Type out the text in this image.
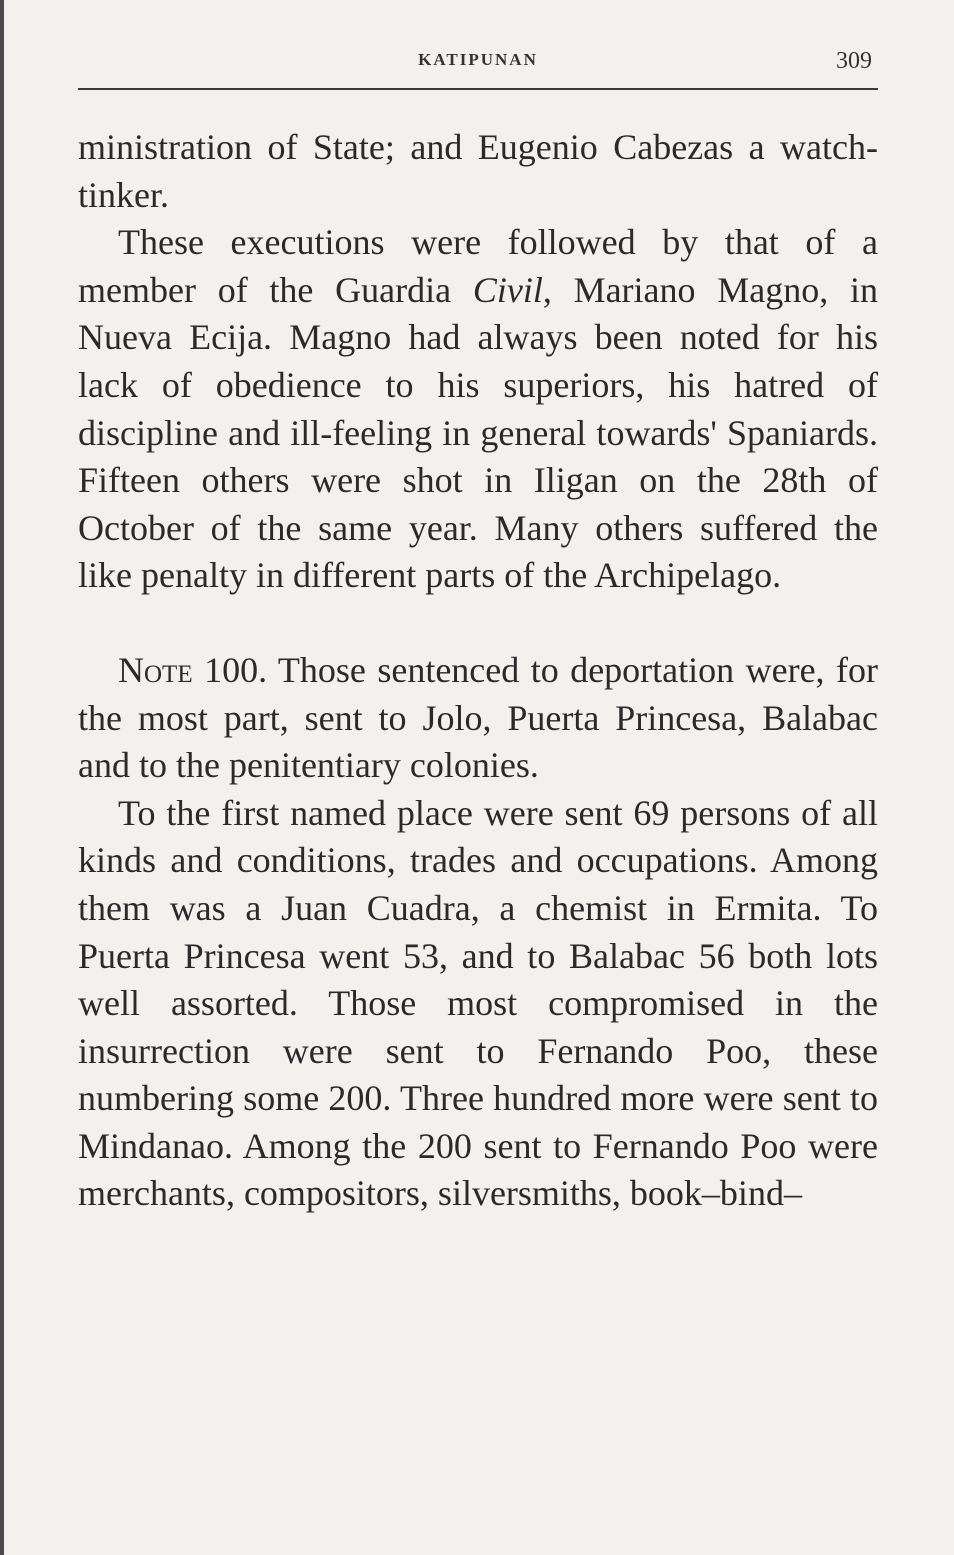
KATIPUNAN	309

ministration of State; and Eugenio Cabezas a watch-tinker.

These executions were followed by that of a member of the Guardia Civil, Mariano Magno, in Nueva Ecija. Magno had always been noted for his lack of obedience to his superiors, his hatred of discipline and ill-feeling in general towards' Spaniards. Fifteen others were shot in Iligan on the 28th of October of the same year. Many others suffered the like penalty in different parts of the Archipelago.

Note 100. Those sentenced to deportation were, for the most part, sent to Jolo, Puerta Princesa, Balabac and to the penitentiary colonies.

To the first named place were sent 69 persons of all kinds and conditions, trades and occupations. Among them was a Juan Cuadra, a chemist in Ermita. To Puerta Princesa went 53, and to Balabac 56 both lots well assorted. Those most compromised in the insurrection were sent to Fernando Poo, these numbering some 200. Three hundred more were sent to Mindanao. Among the 200 sent to Fernando Poo were merchants, compositors, silversmiths, book–bind–
